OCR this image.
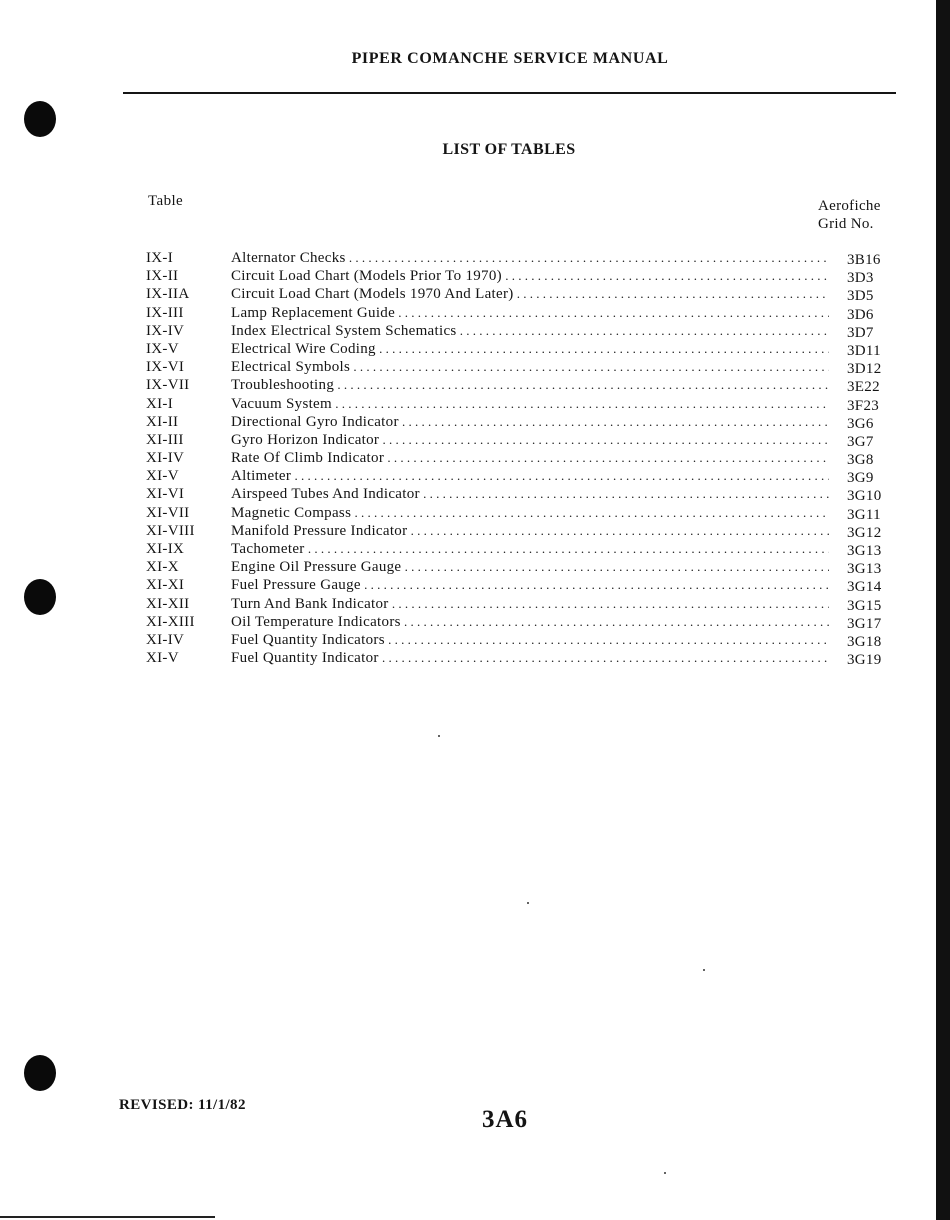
PIPER COMANCHE SERVICE MANUAL
LIST OF TABLES
Table	Aerofiche
Grid No.
IX-I	Alternator Checks . . .	3B16
IX-II	Circuit Load Chart (Models Prior To 1970) . . .	3D3
IX-IIA	Circuit Load Chart (Models 1970 And Later) . . .	3D5
IX-III	Lamp Replacement Guide . . .	3D6
IX-IV	Index Electrical System Schematics . . .	3D7
IX-V	Electrical Wire Coding . . .	3D11
IX-VI	Electrical Symbols . . .	3D12
IX-VII	Troubleshooting . . .	3E22
XI-I	Vacuum System . . .	3F23
XI-II	Directional Gyro Indicator . . .	3G6
XI-III	Gyro Horizon Indicator . . .	3G7
XI-IV	Rate Of Climb Indicator . . .	3G8
XI-V	Altimeter . . .	3G9
XI-VI	Airspeed Tubes And Indicator . . .	3G10
XI-VII	Magnetic Compass . . .	3G11
XI-VIII Manifold Pressure Indicator . . .	3G12
XI-IX	Tachometer . . .	3G13
XI-X	Engine Oil Pressure Gauge . . .	3G13
XI-XI	Fuel Pressure Gauge . . .	3G14
XI-XII	Turn And Bank Indicator . . .	3G15
XI-XIII Oil Temperature Indicators . . .	3G17
XI-IV	Fuel Quantity Indicators . . .	3G18
XI-V	Fuel Quantity Indicator . . .	3G19
REVISED: 11/1/82
3A6
